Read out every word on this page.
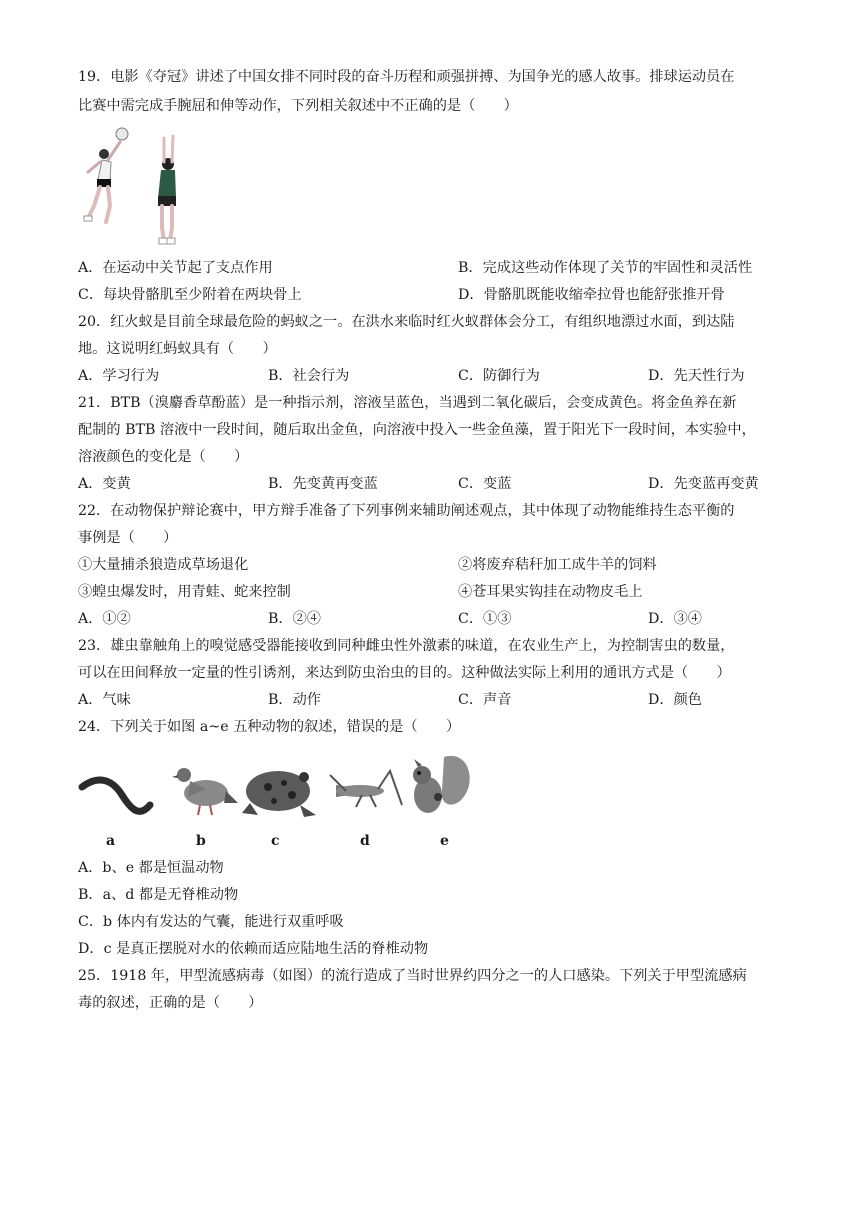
19．电影《夺冠》讲述了中国女排不同时段的奋斗历程和顽强拼搏、为国争光的感人故事。排球运动员在
比赛中需完成手腕屈和伸等动作，下列相关叙述中不正确的是（　　）
A．在运动中关节起了支点作用	B．完成这些动作体现了关节的牢固性和灵活性
C．每块骨骼肌至少附着在两块骨上	D．骨骼肌既能收缩牵拉骨也能舒张推开骨
20．红火蚁是目前全球最危险的蚂蚁之一。在洪水来临时红火蚁群体会分工，有组织地漂过水面，到达陆
地。这说明红蚂蚁具有（　　）
A．学习行为	B．社会行为	C．防御行为	D．先天性行为
21．BTB（溴麝香草酚蓝）是一种指示剂，溶液呈蓝色，当遇到二氧化碳后，会变成黄色。将金鱼养在新
配制的 BTB 溶液中一段时间，随后取出金鱼，向溶液中投入一些金鱼藻，置于阳光下一段时间，本实验中，
溶液颜色的变化是（　　）
A．变黄	B．先变黄再变蓝	C．变蓝	D．先变蓝再变黄
22．在动物保护辩论赛中，甲方辩手准备了下列事例来辅助阐述观点，其中体现了动物能维持生态平衡的
事例是（　　）
①大量捕杀狼造成草场退化	②将废弃秸秆加工成牛羊的饲料
③蝗虫爆发时，用青蛙、蛇来控制	④苍耳果实钩挂在动物皮毛上
A．①②	B．②④	C．①③	D．③④
23．雄虫靠触角上的嗅觉感受器能接收到同种雌虫性外激素的味道，在农业生产上，为控制害虫的数量，
可以在田间释放一定量的性引诱剂，来达到防虫治虫的目的。这种做法实际上利用的通讯方式是（　　）
A．气味	B．动作	C．声音	D．颜色
24．下列关于如图 a~e 五种动物的叙述，错误的是（　　）
a	b	c	d	e
A．b、e 都是恒温动物
B．a、d 都是无脊椎动物
C．b 体内有发达的气囊，能进行双重呼吸
D．c 是真正摆脱对水的依赖而适应陆地生活的脊椎动物
25．1918 年，甲型流感病毒（如图）的流行造成了当时世界约四分之一的人口感染。下列关于甲型流感病
毒的叙述，正确的是（　　）
